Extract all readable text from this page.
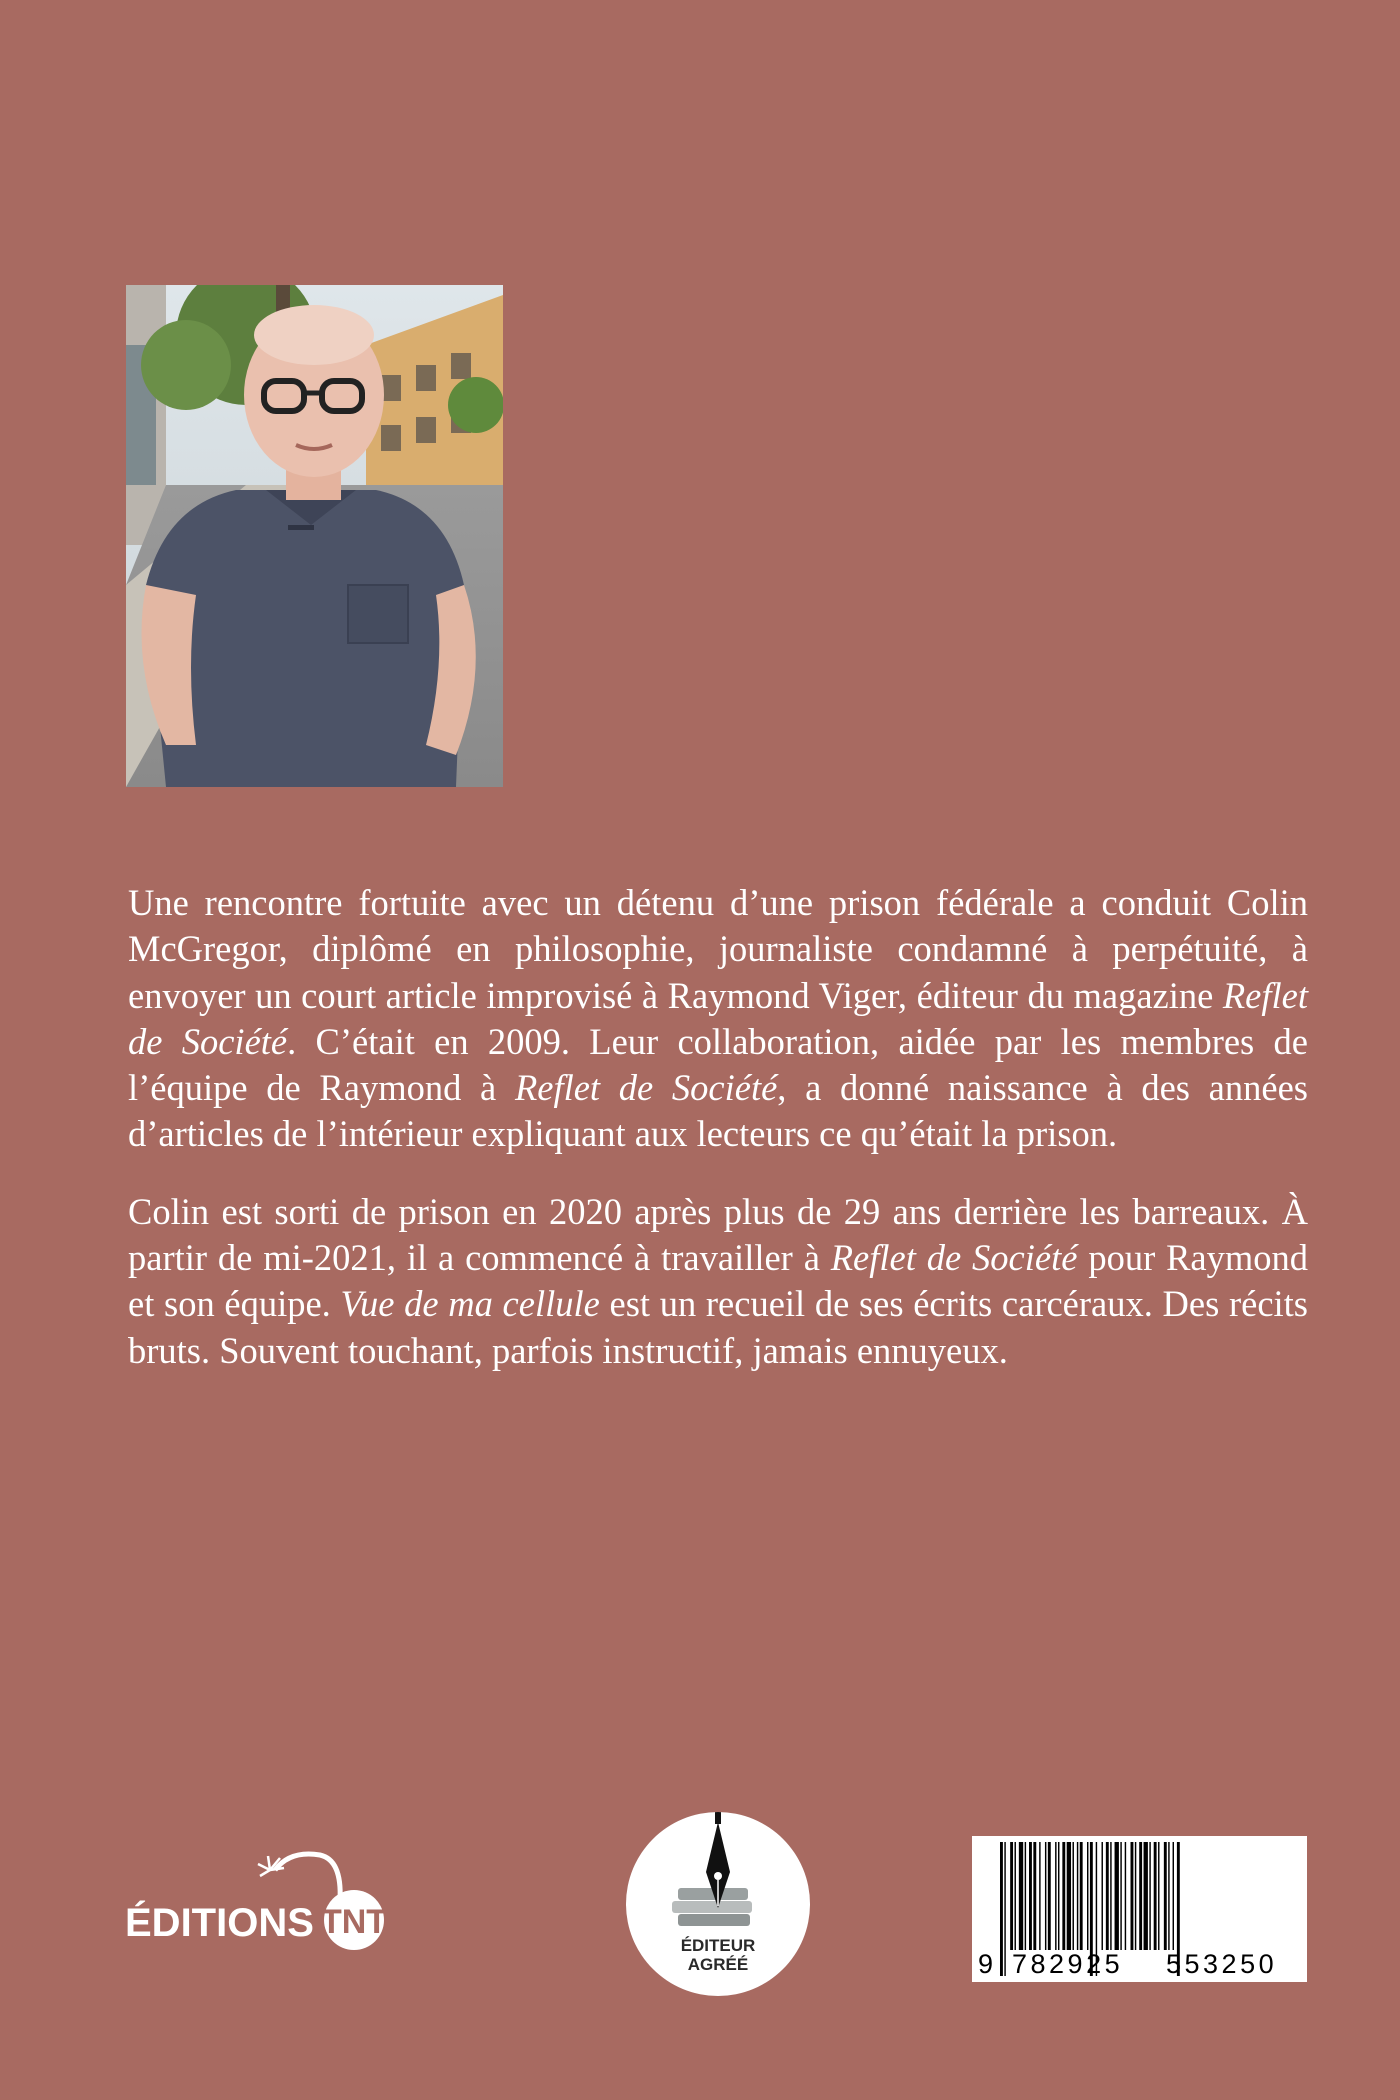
Une rencontre fortuite avec un détenu d’une prison fédérale a conduit Colin McGregor, diplômé en philosophie, journaliste condamné à perpétuité, à envoyer un court article improvisé à Raymond Viger, éditeur du magazine Reflet de Société. C’était en 2009. Leur collaboration, aidée par les membres de l’équipe de Raymond à Reflet de Société, a donné naissance à des années d’articles de l’intérieur expliquant aux lecteurs ce qu’était la prison.

Colin est sorti de prison en 2020 après plus de 29 ans derrière les barreaux. À partir de mi-2021, il a commencé à travailler à Reflet de Société pour Raymond et son équipe. Vue de ma cellule est un recueil de ses écrits carcéraux. Des récits bruts. Souvent touchant, parfois instructif, jamais ennuyeux.

ÉDITIONS TNT
ÉDITEUR
AGRÉÉ	9 782925 553250
